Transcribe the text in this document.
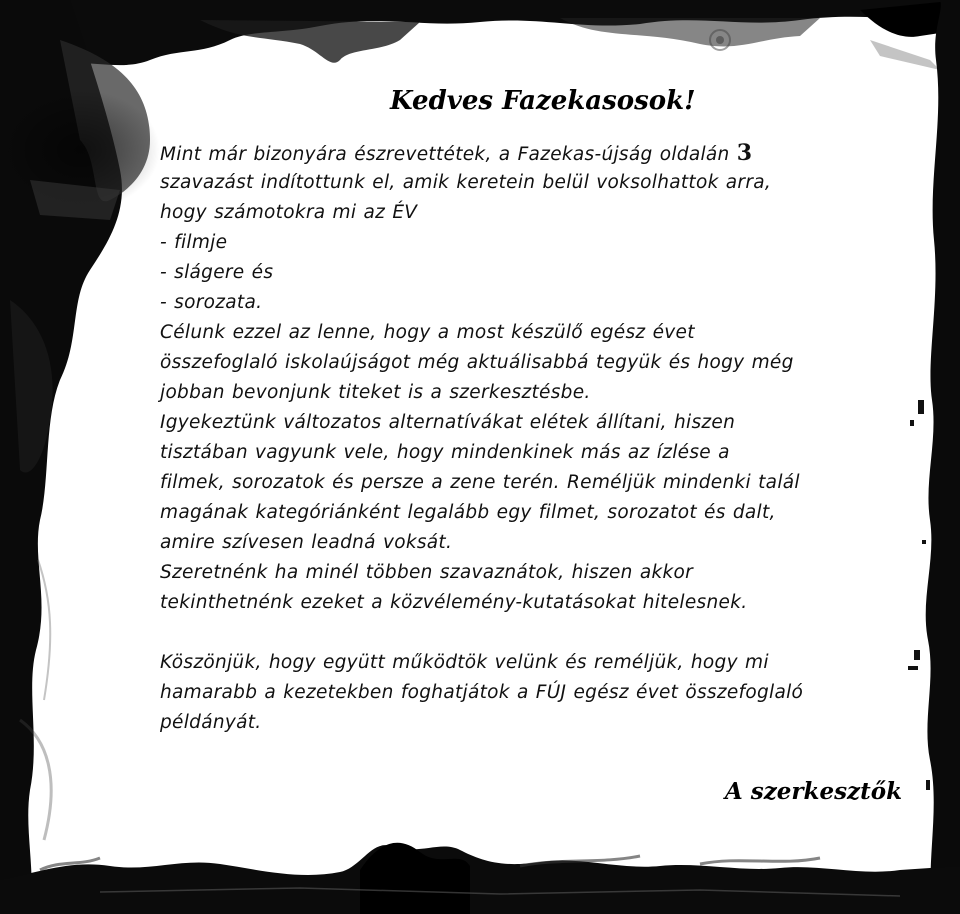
Kedves Fazekasosok!
Mint már bizonyára észrevettétek, a Fazekas-újság oldalán 3
szavazást indítottunk el, amik keretein belül voksolhattok arra,
hogy számotokra mi az ÉV
- filmje
- slágere és
- sorozata.
Célunk ezzel az lenne, hogy a most készülő egész évet
összefoglaló iskolaújságot még aktuálisabbá tegyük és hogy még
jobban bevonjunk titeket is a szerkesztésbe.
Igyekeztünk változatos alternatívákat elétek állítani, hiszen
tisztában vagyunk vele, hogy mindenkinek más az ízlése a
filmek, sorozatok és persze a zene terén. Reméljük mindenki talál
magának kategóriánként legalább egy filmet, sorozatot és dalt,
amire szívesen leadná voksát.
Szeretnénk ha minél többen szavaznátok, hiszen akkor
tekinthetnénk ezeket a közvélemény-kutatásokat hitelesnek.
Köszönjük, hogy együtt működtök velünk és reméljük, hogy mi
hamarabb a kezetekben foghatjátok a FÚJ egész évet összefoglaló
példányát.
A szerkesztők
